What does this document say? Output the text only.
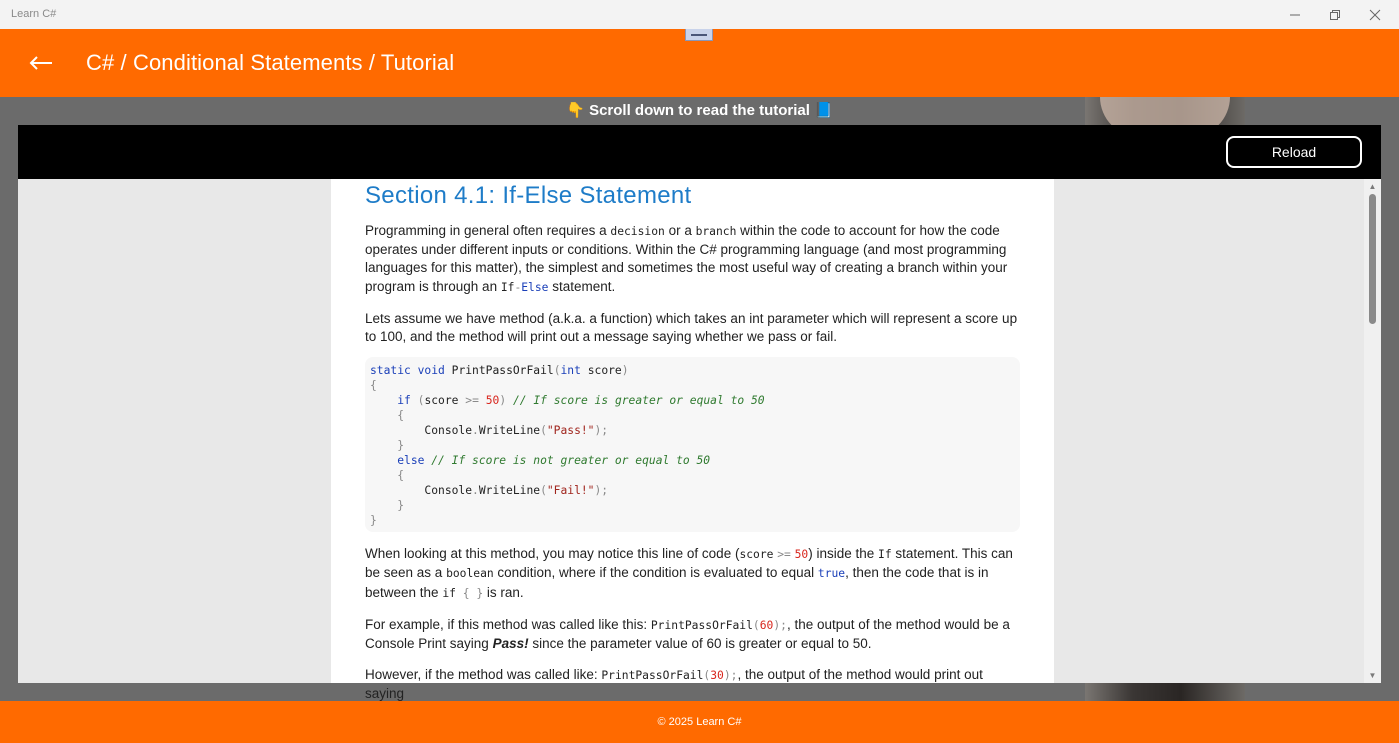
Learn C#
C# / Conditional Statements / Tutorial
👇 Scroll down to read the tutorial 📘
Reload
Section 4.1: If-Else Statement

Programming in general often requires a decision or a branch within the code to account for how the code operates under different inputs or conditions. Within the C# programming language (and most programming languages for this matter), the simplest and sometimes the most useful way of creating a branch within your program is through an If-Else statement.

Lets assume we have method (a.k.a. a function) which takes an int parameter which will represent a score up to 100, and the method will print out a message saying whether we pass or fail.

static void PrintPassOrFail(int score)
{
if (score >= 50) // If score is greater or equal to 50
{
Console.WriteLine("Pass!");
}
else // If score is not greater or equal to 50
{
Console.WriteLine("Fail!");
}
}

When looking at this method, you may notice this line of code (score >= 50) inside the If statement. This can be seen as a boolean condition, where if the condition is evaluated to equal true, then the code that is in between the if { } is ran.

For example, if this method was called like this: PrintPassOrFail(60);, the output of the method would be a Console Print saying Pass! since the parameter value of 60 is greater or equal to 50.

However, if the method was called like: PrintPassOrFail(30);, the output of the method would print out saying

▲
▼
© 2025 Learn C#
